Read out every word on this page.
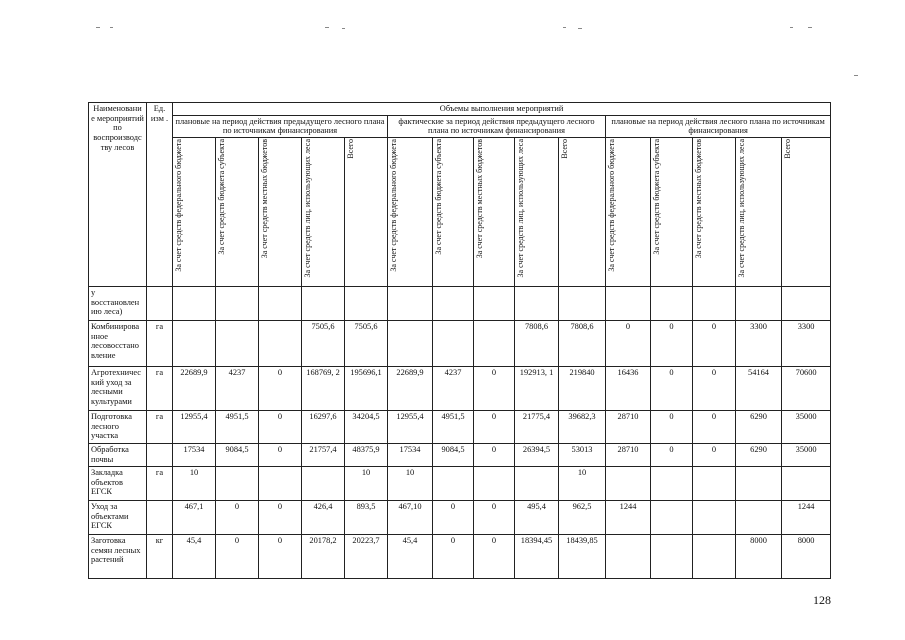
Наименовани е мероприятий по воспроизводс тву лесов	Ед. изм .	Объемы выполнения мероприятий														
		плановые на период действия предыдущего лесного плана по источникам финансирования					фактические за период действия предыдущего лесного плана по источникам финансирования					плановые на период действия лесного плана по источникам финансирования				
		За счет средств федерального бюджета	За счет средств бюджета субъекта	За счет средств местных бюджетов	За счет средств лиц, использующих леса	Всего	За счет средств федерального бюджета	За счет средств бюджета субъекта	За счет средств местных бюджетов	За счет средств лиц, использующих леса	Всего	За счет средств федерального бюджета	За счет средств бюджета субъекта	За счет средств местных бюджетов	За счет средств лиц, использующих леса	Всего
у восстановлен ию леса)																
Комбинирова нное лесовосстано вление	га				7505,6	7505,6				7808,6	7808,6	0	0	0	3300	3300
Агротехничес кий уход за лесными культурами	га	22689,9	4237	0	168769, 2	195696,1	22689,9	4237	0	192913, 1	219840	16436	0	0	54164	70600
Подготовка лесного участка	га	12955,4	4951,5	0	16297,6	34204,5	12955,4	4951,5	0	21775,4	39682,3	28710	0	0	6290	35000
Обработка почвы		17534	9084,5	0	21757,4	48375,9	17534	9084,5	0	26394,5	53013	28710	0	0	6290	35000
Закладка объектов ЕГСК	га	10				10	10				10					
Уход за объектами ЕГСК		467,1	0	0	426,4	893,5	467,10	0	0	495,4	962,5	1244				1244
Заготовка семян лесных растений	кг	45,4	0	0	20178,2	20223,7	45,4	0	0	18394,45	18439,85				8000	8000
128
